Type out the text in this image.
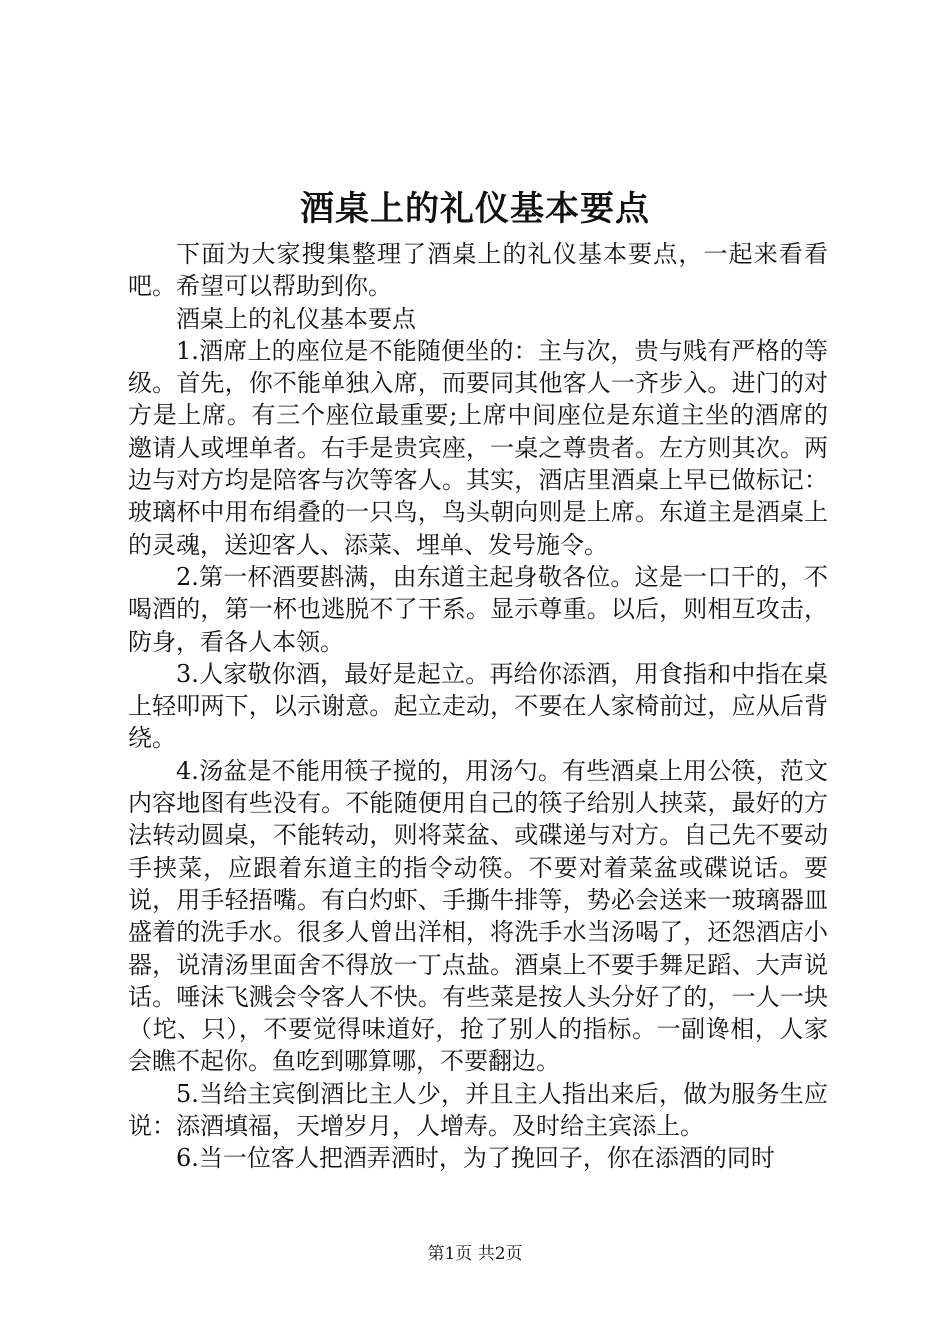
酒桌上的礼仪基本要点

下面为大家搜集整理了酒桌上的礼仪基本要点，一起来看看吧。希望可以帮助到你。

酒桌上的礼仪基本要点

1.酒席上的座位是不能随便坐的：主与次，贵与贱有严格的等级。首先，你不能单独入席，而要同其他客人一齐步入。进门的对方是上席。有三个座位最重要;上席中间座位是东道主坐的酒席的邀请人或埋单者。右手是贵宾座，一桌之尊贵者。左方则其次。两边与对方均是陪客与次等客人。其实，酒店里酒桌上早已做标记：玻璃杯中用布绢叠的一只鸟，鸟头朝向则是上席。东道主是酒桌上的灵魂，送迎客人、添菜、埋单、发号施令。

2.第一杯酒要斟满，由东道主起身敬各位。这是一口干的，不喝酒的，第一杯也逃脱不了干系。显示尊重。以后，则相互攻击，防身，看各人本领。

3.人家敬你酒，最好是起立。再给你添酒，用食指和中指在桌上轻叩两下，以示谢意。起立走动，不要在人家椅前过，应从后背绕。

4.汤盆是不能用筷子搅的，用汤勺。有些酒桌上用公筷，范文内容地图有些没有。不能随便用自己的筷子给别人挟菜，最好的方法转动圆桌，不能转动，则将菜盆、或碟递与对方。自己先不要动手挟菜，应跟着东道主的指令动筷。不要对着菜盆或碟说话。要说，用手轻捂嘴。有白灼虾、手撕牛排等，势必会送来一玻璃器皿盛着的洗手水。很多人曾出洋相，将洗手水当汤喝了，还怨酒店小器，说清汤里面舍不得放一丁点盐。酒桌上不要手舞足蹈、大声说话。唾沫飞溅会令客人不快。有些菜是按人头分好了的，一人一块（坨、只），不要觉得味道好，抢了别人的指标。一副谗相，人家会瞧不起你。鱼吃到哪算哪，不要翻边。

5.当给主宾倒酒比主人少，并且主人指出来后，做为服务生应说：添酒填福，天增岁月，人增寿。及时给主宾添上。

6.当一位客人把酒弄洒时，为了挽回子，你在添酒的同时

第1页 共2页
